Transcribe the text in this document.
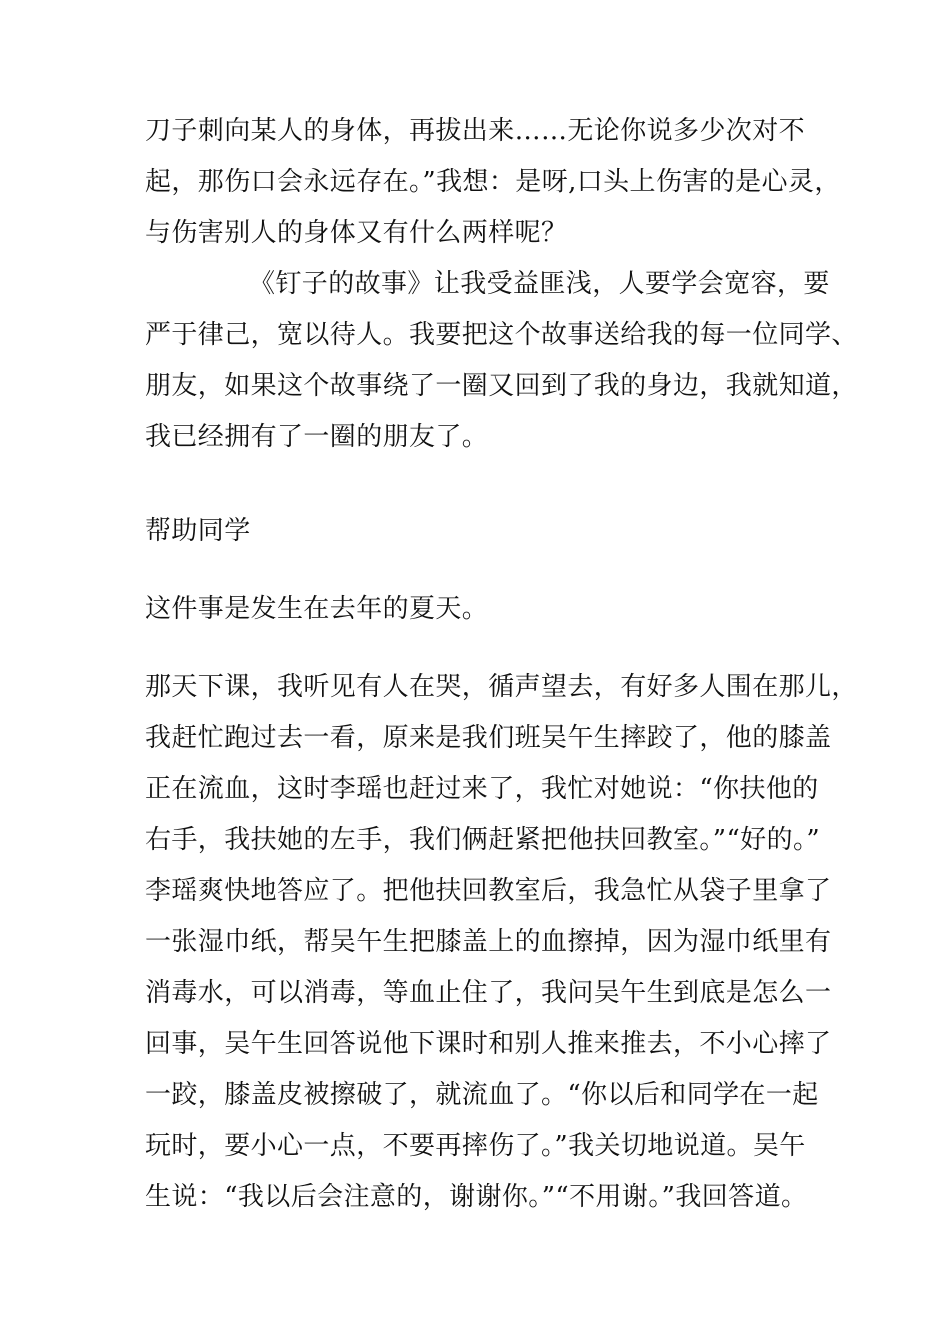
刀子刺向某人的身体，再拔出来……无论你说多少次对不
起，那伤口会永远存在。”我想：是呀,口头上伤害的是心灵，
与伤害别人的身体又有什么两样呢？

《钉子的故事》让我受益匪浅，人要学会宽容，要
严于律己，宽以待人。我要把这个故事送给我的每一位同学、
朋友，如果这个故事绕了一圈又回到了我的身边，我就知道，
我已经拥有了一圈的朋友了。

帮助同学

这件事是发生在去年的夏天。

那天下课，我听见有人在哭，循声望去，有好多人围在那儿，
我赶忙跑过去一看，原来是我们班吴午生摔跤了，他的膝盖
正在流血，这时李瑶也赶过来了，我忙对她说：“你扶他的
右手，我扶她的左手，我们俩赶紧把他扶回教室。”“好的。”
李瑶爽快地答应了。把他扶回教室后，我急忙从袋子里拿了
一张湿巾纸，帮吴午生把膝盖上的血擦掉，因为湿巾纸里有
消毒水，可以消毒，等血止住了，我问吴午生到底是怎么一
回事，吴午生回答说他下课时和别人推来推去，不小心摔了
一跤，膝盖皮被擦破了，就流血了。“你以后和同学在一起
玩时，要小心一点，不要再摔伤了。”我关切地说道。吴午
生说：“我以后会注意的，谢谢你。”“不用谢。”我回答道。
